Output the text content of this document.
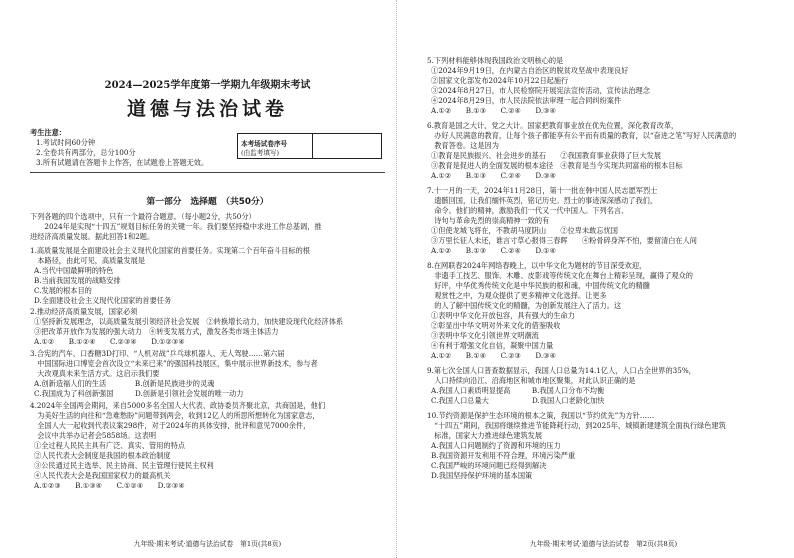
2024—2025学年度第一学期九年级期末考试
道德与法治试卷
考生注意：
1.考试时间60分钟
2.全卷共有两部分，总分100分
3.所有试题请在答题卡上作答，在试题卷上答题无效。
本考场试卷序号
(由监考填写)
第一部分　选择题　（共50分）
下列各题的四个选项中，只有一个最符合题意。（每小题2分，共50分）
　　2024年是实现“十四五”规划目标任务的关键一年。我们要坚持稳中求进工作总基调，推
进经济高质量发展。据此回答1和2题。
1.高质量发展是全面建设社会主义现代化国家的首要任务。实现第二个百年奋斗目标的根
　本路径，由此可见，高质量发展是
A.当代中国最鲜明的特色
B.当前我国发展的战略安排
C.发展的根本目的
D.全面建设社会主义现代化国家的首要任务
2.推动经济高质量发展，国家必须
①坚持新发展理念，以高质量发展引领经济社会发展　②转换增长动力，加快建设现代化经济体系
③把改革开放作为发展的强大动力　④转变发展方式，激发各类市场主体活力
A.①②　　B.①②④　　C.②③④　　D.①②③④
3.合宪的汽车、口香糖3D打印、“人机对战”乒乓球机器人、无人驾驶……第六届
　中国国际进口博览会首次设立“未来已来”的强国科技展区，集中展示世界新技术，参与者
　大改观真未来生活方式。这启示我们要
A.创新造福人们的生活　　　　B.创新是民族进步的灵魂
C.我国成为了科创新强国　　　D.创新是引领社会发展的唯一动力
4.2024年全国两会期间，来自5000多名全国人大代表、政协委员齐聚北京，共商国是，他们
　为美好生活的向往和“急难愁盼”问题带到两会，收到12亿人的所思所想转化为国家意志，
　全国人大一起收到代表议案298件，对于2024年的具体安排，批评和意见7000余件，
　会议中共举办记者会5858场。这表明
①全过程人民民主具有广泛、真实、管用的特点
②人民代表大会制度是我国的根本政治制度
③公民通过民主选举、民主协商、民主管理行使民主权利
④人民代表大会是我国国家权力的最高机关
A.①②③　　B.①③④　　C.①②④　　D.②③④
九年级·期末考试·道德与法治试卷　第1页(共8页)
5.下列材料能够体现我国政治文明核心的是
①2024年9月19日，在内蒙古自治区的脱贫攻坚战中表现良好
②国家文化部发布2024年10月22日起施行
③2024年8月27日，市人民检察院开展宪法宣传活动，宣传法治理念
④2024年8月29日，市人民法院依法审理一起合同纠纷案件
A.①②　　B.①③　　C.②④　　D.③④
6.教育是国之大计，党之大计。国家把教育事业放在优先位置，深化教育改革，
　办好人民满意的教育，让每个孩子都能享有公平而有质量的教育，以“奋进之笔”写好人民满意的
　教育答卷。这是因为
①教育是民族振兴、社会进步的基石　　②我国教育事业获得了巨大发展
③教育是促进人的全面发展的根本途径　④教育是当今实现共同富裕的根本目标
A.①②　　B.①③　　C.②④　　D.③④
7.十一月的一天，2024年11月28日，第十一批在韩中国人民志愿军烈士
　遗骸回国，让我们缅怀英烈，铭记历史。烈士的事迹深深感动了我们，
　命令。他们的精神，激励我们一代又一代中国人。下列名言、
　诗句与革命先烈的崇高精神一致的有
①但使龙城飞将在，不教胡马度阴山　　②位卑未敢忘忧国
③万里长征人未还，谁言寸草心报得三春晖　　④粉骨碎身浑不怕，要留清白在人间
A.①②　　B.①③　　C.②④　　D.①④
8.在网联春2024年网络春晚上，以中华文化为题材的节目深受欢迎，
　非遗手工技艺、服饰、木雕、皮影戏等传统文化在舞台上精彩呈现，赢得了观众的
　好评，中华优秀传统文化是中华民族的根和魂，中国传统文化的精髓
　观赏性之中，为观众提供了更多精神文化选择。让更多
　的人了解中国传统文化的精髓，为创新发展注入了活力。这
①表明中华文化开放包容，具有强大的生命力
②彰显出中华文明对外来文化的借鉴吸收
③表明中华文化引领世界文明潮流
④有利于增强文化自信，凝聚中国力量
A.①②　　B.①④　　C.②③　　D.③④
9.第七次全国人口普查数据显示，我国人口总量为14.1亿人，人口占全世界的35%，
　人口持续向沿江、沿海地区和城市地区聚集，对此认识正确的是
A.我国人口素质明显提高　　　B.我国人口分布不均衡
C.我国人口总量大　　　　　　D.我国人口老龄化加快
10.节约资源是保护生态环境的根本之策，我国以“节约优先”为方针……
　“十四五”期间，我国将继续推进节能降耗行动，到2025年，城镇新建建筑全面执行绿色建筑
　标准，国家大力推进绿色建筑发展
A.我国人口问题制约了资源和环境的压力
B.我国资源开发利用不符合理，环境污染严重
C.我国严峻的环境问题已经得到解决
D.我国坚持保护环境的基本国策
九年级·期末考试·道德与法治试卷　第2页(共8页)
